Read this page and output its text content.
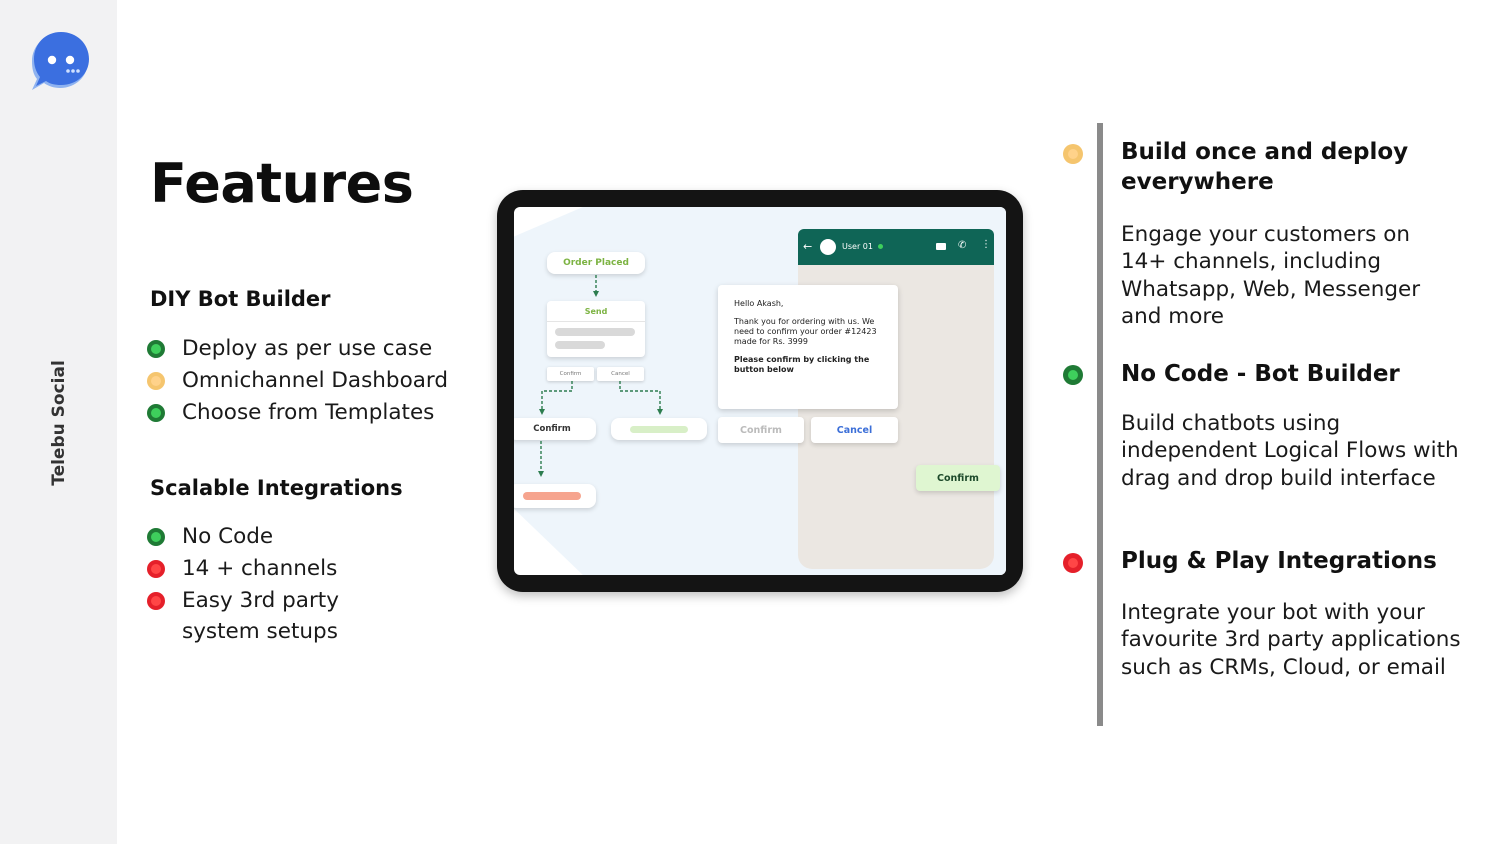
Telebu Social
Features
DIY Bot Builder
Deploy as per use case
Omnichannel Dashboard
Choose from Templates
Scalable Integrations
No Code
14 + channels
Easy 3rd party
system setups
Order Placed
Send
Confirm	Cancel
Confirm
←	User 01	✆ ⋮

Hello Akash,

Thank you for ordering with us. We need to confirm your order #12423 made for Rs. 3999

Please confirm by clicking the button below

Confirm	Cancel
Confirm
Build once and deploy everywhere
Engage your customers on 14+ channels, including Whatsapp, Web, Messenger and more
No Code - Bot Builder
Build chatbots using independent Logical Flows with drag and drop build interface
Plug & Play Integrations
Integrate your bot with your favourite 3rd party applications such as CRMs, Cloud, or email
